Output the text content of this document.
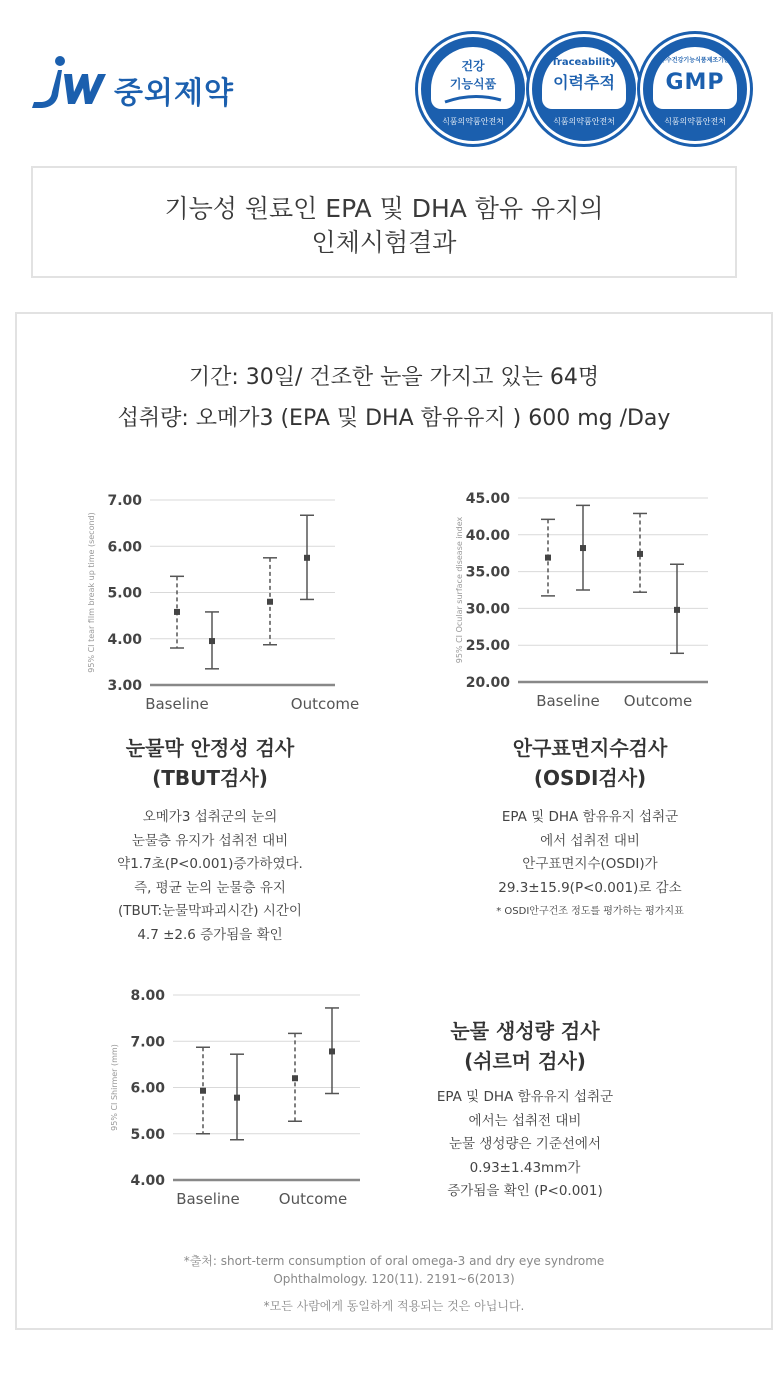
중외제약
건강
기능식품
식품의약품안전처
Traceability
이력추적
식품의약품안전처
우수건강기능식품제조기준
GMP
식품의약품안전처
기능성 원료인 EPA 및 DHA 함유 유지의
인체시험결과
기간: 30일/ 건조한 눈을 가지고 있는 64명
섭취량: 오메가3 (EPA 및 DHA 함유유지 ) 600 mg /Day
7.00
6.00
5.00
4.00
3.00
95% CI tear film break up time (second)
Baseline	Outcome
45.00
40.00
35.00
30.00
25.00
20.00
95% CI Ocular surface disease index
Baseline Outcome
8.00
7.00
6.00
5.00
4.00
95% CI Shirmer (mm)
Baseline	Outcome
눈물막 안정성 검사
(TBUT검사)
오메가3 섭취군의 눈의
눈물층 유지가 섭취전 대비
약1.7초(P<0.001)증가하였다.
즉, 평균 눈의 눈물층 유지
(TBUT:눈물막파괴시간) 시간이
4.7 ±2.6 증가됨을 확인
안구표면지수검사
(OSDI검사)
EPA 및 DHA 함유유지 섭취군
에서 섭취전 대비
안구표면지수(OSDI)가
29.3±15.9(P<0.001)로 감소
* OSDI안구건조 정도를 평가하는 평가지표
눈물 생성량 검사
(쉬르머 검사)
EPA 및 DHA 함유유지 섭취군
에서는 섭취전 대비
눈물 생성량은 기준선에서
0.93±1.43mm가
증가됨을 확인 (P<0.001)
*출처: short-term consumption of oral omega-3 and dry eye syndrome
Ophthalmology. 120(11). 2191~6(2013)
*모든 사람에게 동일하게 적용되는 것은 아닙니다.
